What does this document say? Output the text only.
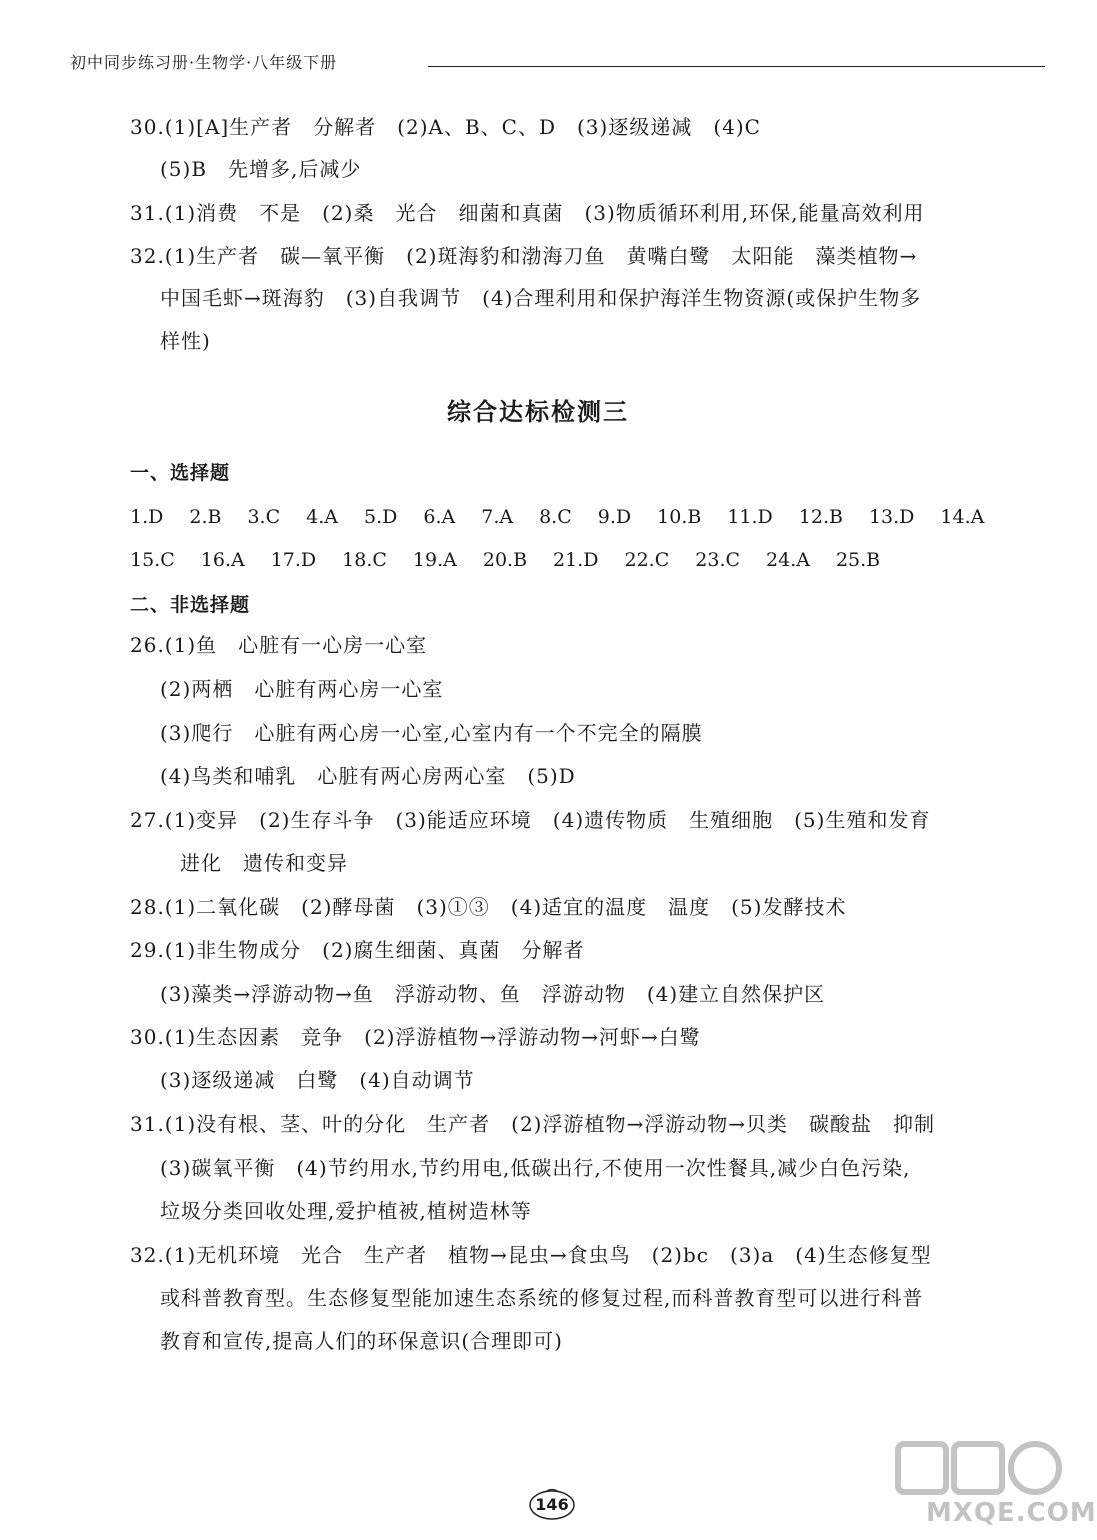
初中同步练习册·生物学·八年级下册
30.(1)[A]生产者　分解者　(2)A、B、C、D　(3)逐级递减　(4)C
(5)B　先增多,后减少
31.(1)消费　不是　(2)桑　光合　细菌和真菌　(3)物质循环利用,环保,能量高效利用
32.(1)生产者　碳—氧平衡　(2)斑海豹和渤海刀鱼　黄嘴白鹭　太阳能　藻类植物→
中国毛虾→斑海豹　(3)自我调节　(4)合理利用和保护海洋生物资源(或保护生物多
样性)
综合达标检测三
一、选择题
1.D 2.B 3.C 4.A 5.D 6.A 7.A 8.C 9.D 10.B 11.D 12.B 13.D 14.A
15.C 16.A 17.D 18.C 19.A 20.B 21.D 22.C 23.C 24.A 25.B
二、非选择题
26.(1)鱼　心脏有一心房一心室
(2)两栖　心脏有两心房一心室
(3)爬行　心脏有两心房一心室,心室内有一个不完全的隔膜
(4)鸟类和哺乳　心脏有两心房两心室　(5)D
27.(1)变异　(2)生存斗争　(3)能适应环境　(4)遗传物质　生殖细胞　(5)生殖和发育
进化　遗传和变异
28.(1)二氧化碳　(2)酵母菌　(3)①③　(4)适宜的温度　温度　(5)发酵技术
29.(1)非生物成分　(2)腐生细菌、真菌　分解者
(3)藻类→浮游动物→鱼　浮游动物、鱼　浮游动物　(4)建立自然保护区
30.(1)生态因素　竞争　(2)浮游植物→浮游动物→河虾→白鹭
(3)逐级递减　白鹭　(4)自动调节
31.(1)没有根、茎、叶的分化　生产者　(2)浮游植物→浮游动物→贝类　碳酸盐　抑制
(3)碳氧平衡　(4)节约用水,节约用电,低碳出行,不使用一次性餐具,减少白色污染,
垃圾分类回收处理,爱护植被,植树造林等
32.(1)无机环境　光合　生产者　植物→昆虫→食虫鸟　(2)bc　(3)a　(4)生态修复型
或科普教育型。生态修复型能加速生态系统的修复过程,而科普教育型可以进行科普
教育和宣传,提高人们的环保意识(合理即可)
146	MXQE.COM
